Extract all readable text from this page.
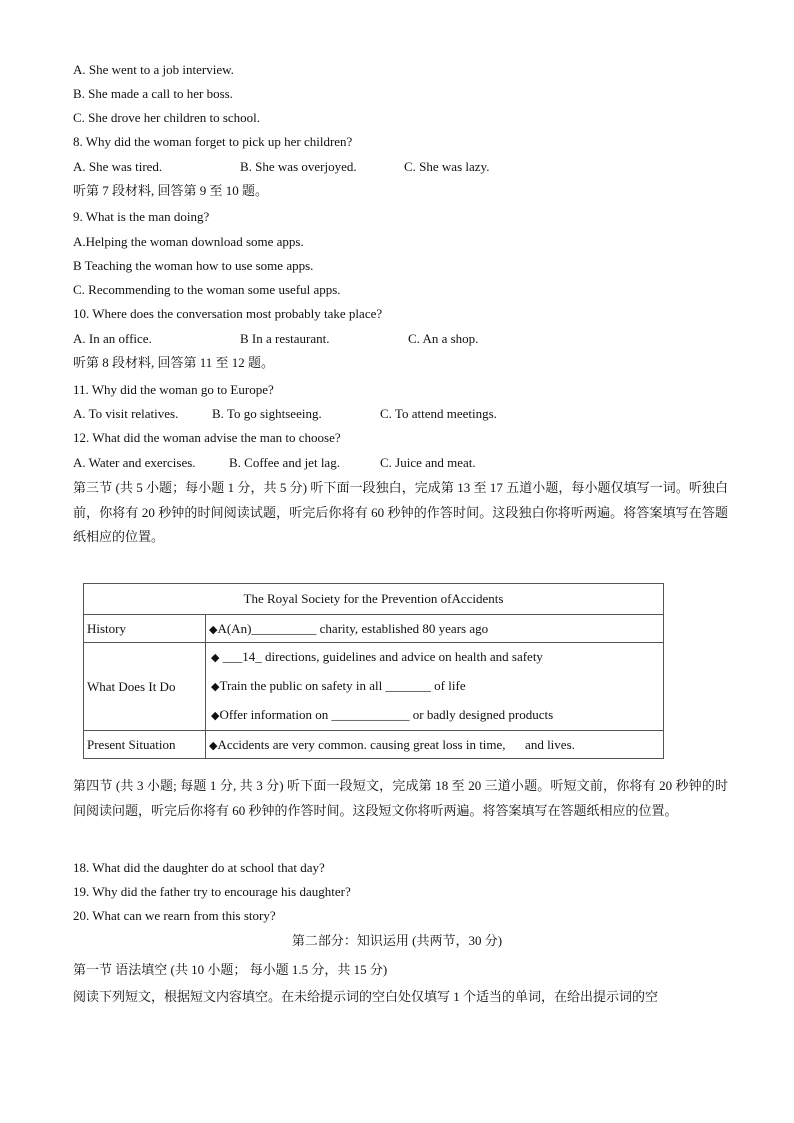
A. She went to a job interview.
B. She made a call to her boss.
C. She drove her children to school.
8. Why did the woman forget to pick up her children?
A. She was tired.	B. She was overjoyed.	C. She was lazy.
听第 7 段材料, 回答第 9 至 10 题。
9. What is the man doing?
A.Helping the woman download some apps.
B Teaching the woman how to use some apps.
C. Recommending to the woman some useful apps.
10. Where does the conversation most probably take place?
A. In an office.	B In a restaurant.	C. An a shop.
听第 8 段材料, 回答第 11 至 12 题。
11. Why did the woman go to Europe?
A. To visit relatives.	B. To go sightseeing.	C. To attend meetings.
12. What did the woman advise the man to choose?
A. Water and exercises.	B. Coffee and jet lag.	C. Juice and meat.
第三节 (共 5 小题；每小题 1 分，共 5 分) 听下面一段独白，完成第 13 至 17 五道小题，每小题仅填写一词。听独白前，你将有 20 秒钟的时间阅读试题，听完后你将有 60 秒钟的作答时间。这段独白你将听两遍。将答案填写在答题纸相应的位置。
The Royal Society for the Prevention ofAccidents	
History	◆A(An)__________ charity, established 80 years ago
What Does It Do	◆ ___14_ directions, guidelines and advice on health and safety
◆Train the public on safety in all _______ of life
◆Offer information on ____________ or badly designed products

Present Situation	◆Accidents are very common. causing great loss in time,      and lives.
第四节 (共 3 小题; 每题 1 分, 共 3 分) 听下面一段短文，完成第 18 至 20 三道小题。听短文前，你将有 20 秒钟的时间阅读问题，听完后你将有 60 秒钟的作答时间。这段短文你将听两遍。将答案填写在答题纸相应的位置。
18. What did the daughter do at school that day?
19. Why did the father try to encourage his daughter?
20. What can we rearn from this story?
第二部分：知识运用 (共两节，30 分)
第一节 语法填空 (共 10 小题； 每小题 1.5 分，共 15 分)
阅读下列短文，根据短文内容填空。在未给提示词的空白处仅填写 1 个适当的单词，在给出提示词的空
